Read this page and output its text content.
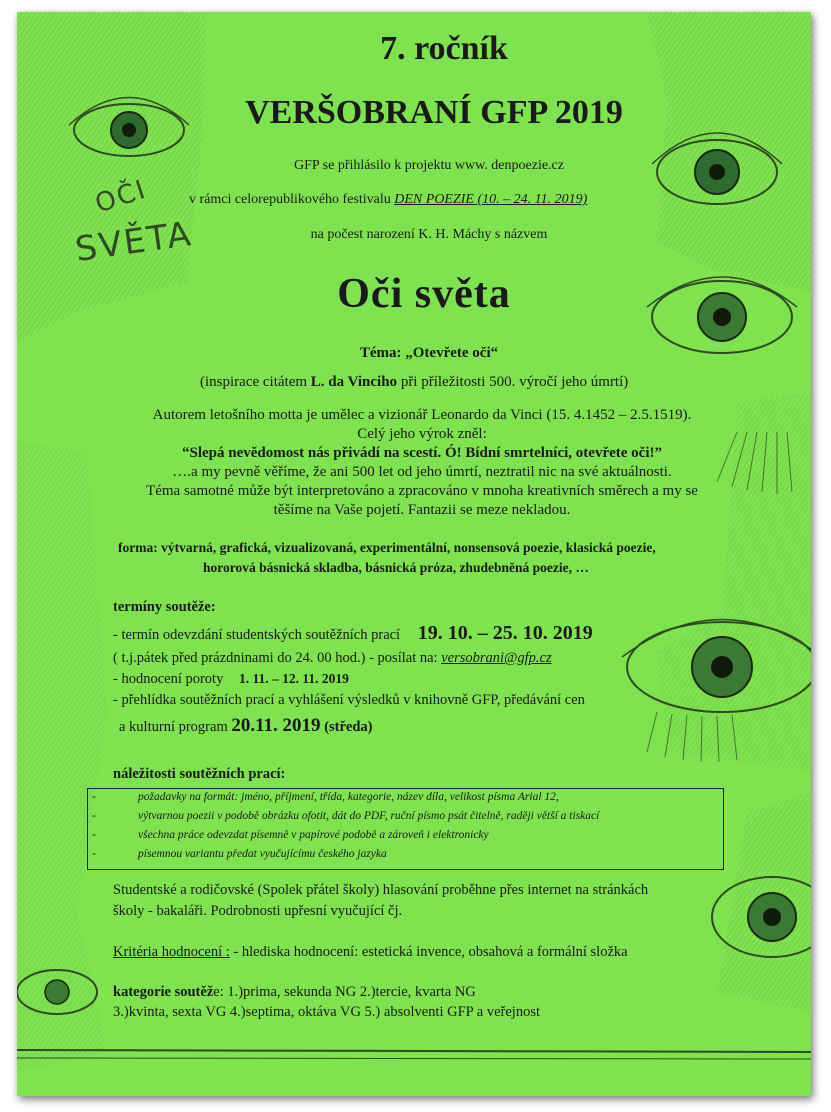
OČI
SVĚTA
7. ročník
VERŠOBRANÍ GFP 2019
GFP se přihlásilo k projektu www. denpoezie.cz
v rámci celorepublikového festivalu DEN POEZIE (10. – 24. 11. 2019)
na počest narození K. H. Máchy s názvem
Oči světa
Téma: „Otevřete oči“
(inspirace citátem L. da Vinciho při příležitosti 500. výročí jeho úmrtí)
Autorem letošního motta je umělec a vizionář Leonardo da Vinci (15. 4.1452 – 2.5.1519).
Celý jeho výrok zněl:
“Slepá nevědomost nás přivádí na scestí. Ó! Bídní smrtelníci, otevřete oči!”
….a my pevně věříme, že ani 500 let od jeho úmrtí, neztratil nic na své aktuálnosti.
Téma samotné může být interpretováno a zpracováno v mnoha kreativních směrech a my se
těšíme na Vaše pojetí. Fantazii se meze nekladou.
forma: výtvarná, grafická, vizualizovaná, experimentální, nonsensová poezie, klasická poezie,
hororová básnická skladba, básnická próza, zhudebněná poezie, …
termíny soutěže:
- termín odevzdání studentských soutěžních prací 19. 10. – 25. 10. 2019
( t.j.pátek před prázdninami do 24. 00 hod.) - posílat na: versobrani@gfp.cz
- hodnocení poroty 1. 11. – 12. 11. 2019
- přehlídka soutěžních prací a vyhlášení výsledků v knihovně GFP, předávání cen
a kulturní program 20.11. 2019 (středa)
náležitosti soutěžních prací:
-	požadavky na formát: jméno, příjmení, třída, kategorie, název díla, velikost písma Arial 12,
-	výtvarnou poezii v podobě obrázku ofotit, dát do PDF, ruční písmo psát čitelně, raději větší a tiskací
-	všechna práce odevzdat písemně v papírové podobě a zároveň i elektronicky
-	písemnou variantu předat vyučujícímu českého jazyka
Studentské a rodičovské (Spolek přátel školy) hlasování proběhne přes internet na stránkách
školy - bakaláři. Podrobnosti upřesní vyučující čj.
Kritéria hodnocení : - hlediska hodnocení: estetická invence, obsahová a formální složka
kategorie soutěže: 1.)prima, sekunda NG 2.)tercie, kvarta NG
3.)kvinta, sexta VG 4.)septima, oktáva VG 5.) absolventi GFP a veřejnost
